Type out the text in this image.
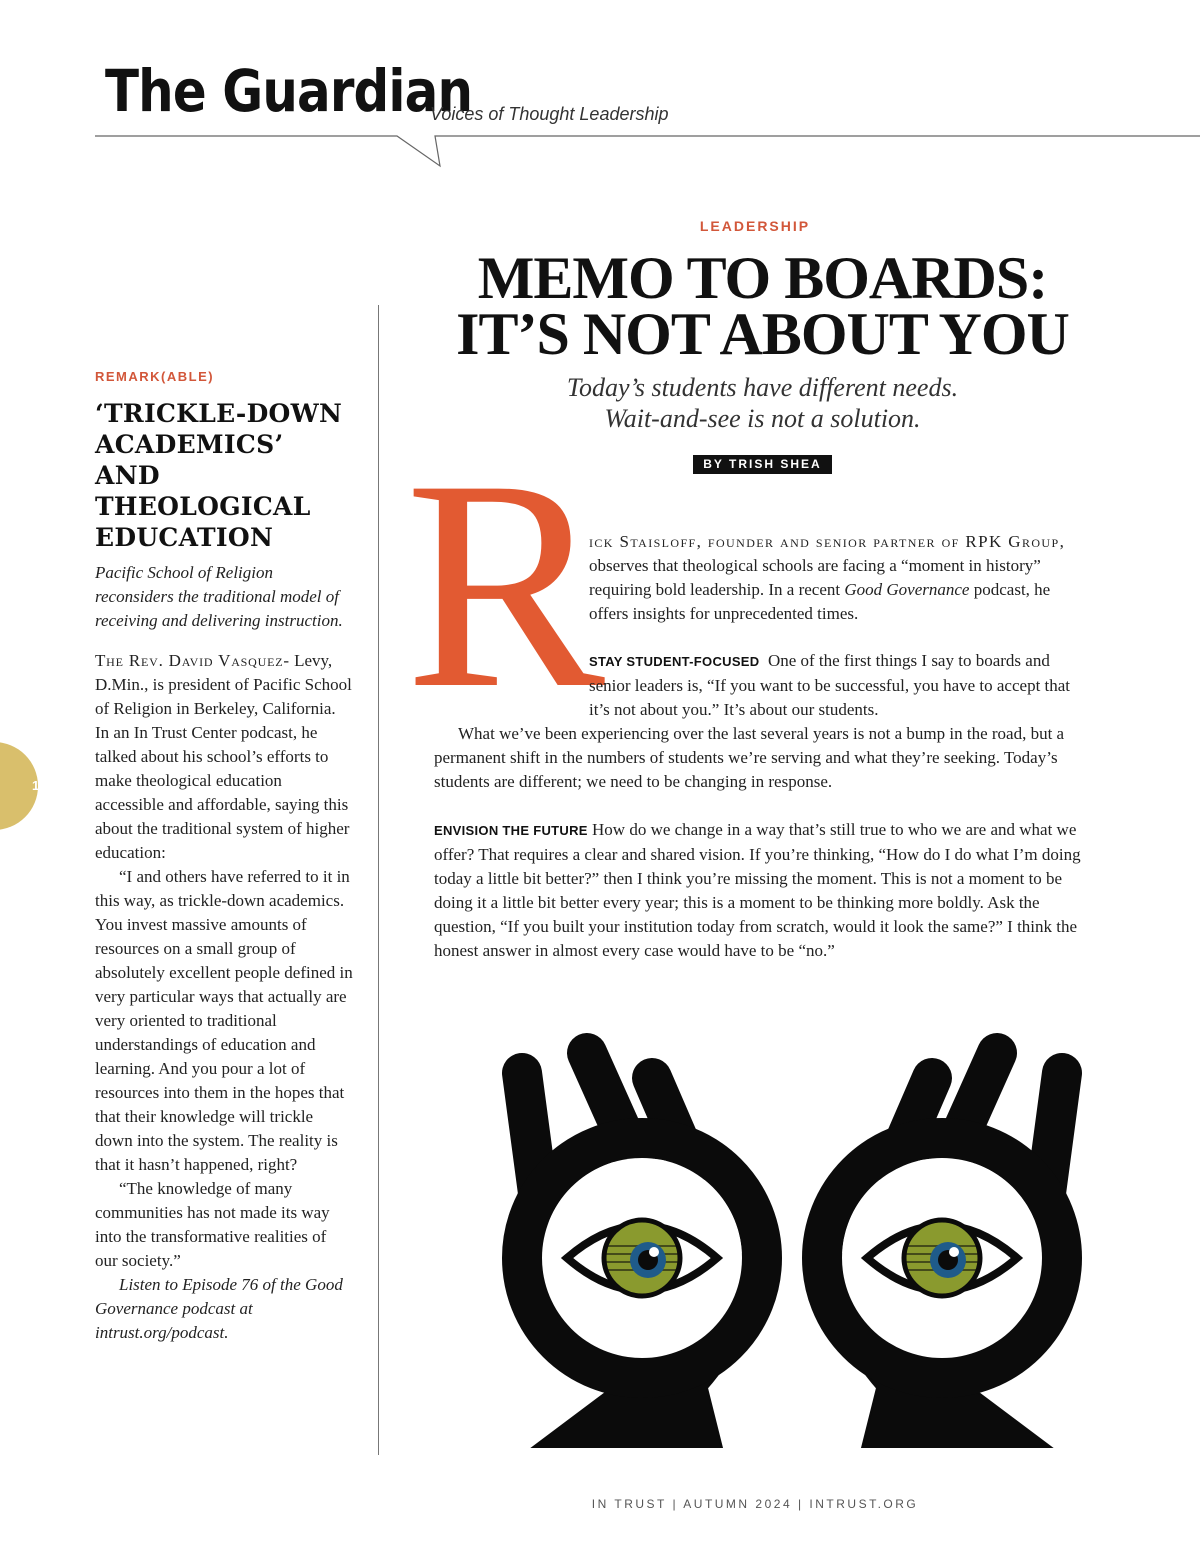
The Guardian
Voices of Thought Leadership
REMARK(ABLE)
‘TRICKLE-DOWN
ACADEMICS’ AND
THEOLOGICAL
EDUCATION

Pacific School of Religion reconsiders the traditional model of receiving and delivering instruction.

The Rev. David Vasquez- Levy, D.Min., is president of Pacific School of Religion in Berkeley, California. In an In Trust Center podcast, he talked about his school’s efforts to make theological education accessible and affordable, saying this about the traditional system of higher education:

“I and others have referred to it in this way, as trickle-down academics. You invest massive amounts of resources on a small group of absolutely excellent people defined in very particular ways that actually are very oriented to traditional understandings of education and learning. And you pour a lot of resources into them in the hopes that that their knowledge will trickle down into the system. The reality is that it hasn’t happened, right?

“The knowledge of many communities has not made its way into the transformative realities of our society.”

Listen to Episode 76 of the Good Governance podcast at intrust.org/podcast.

14
LEADERSHIP
MEMO TO BOARDS:
IT’S NOT ABOUT YOU

Today’s students have different needs.
Wait-and-see is not a solution.

BY TRISH SHEA
R

ick Staisloff, founder and senior partner of RPK Group, observes that theological schools are facing a “moment in history” requiring bold leadership. In a recent Good Governance podcast, he offers insights for unprecedented times.

STAY STUDENT-FOCUSED One of the first things I say to boards and senior leaders is, “If you want to be successful, you have to accept that it’s not about you.” It’s about our students.

What we’ve been experiencing over the last several years is not a bump in the road, but a permanent shift in the numbers of students we’re serving and what they’re seeking. Today’s students are different; we need to be changing in response.

ENVISION THE FUTURE How do we change in a way that’s still true to who we are and what we offer? That requires a clear and shared vision. If you’re thinking, “How do I do what I’m doing today a little bit better?” then I think you’re missing the moment. This is not a moment to be doing it a little bit better every year; this is a moment to be thinking more boldly. Ask the question, “If you built your institution today from scratch, would it look the same?” I think the honest answer in almost every case would have to be “no.”

IN TRUST | AUTUMN 2024 | INTRUST.ORG
